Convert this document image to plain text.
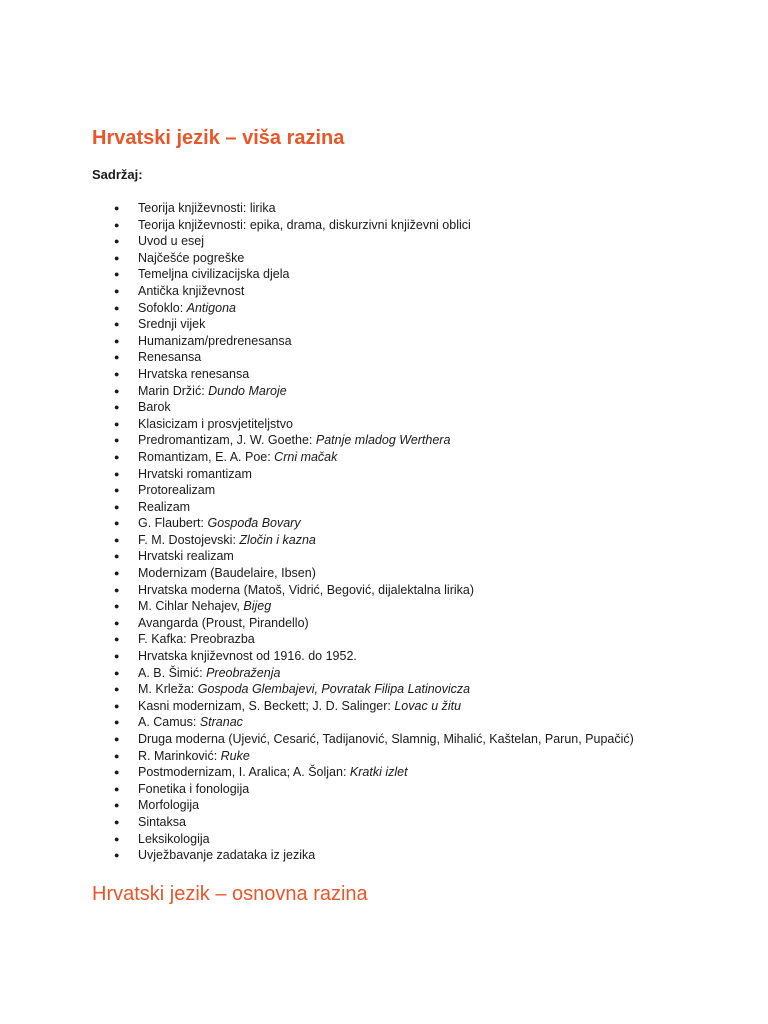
Hrvatski jezik – viša razina

Sadržaj:

●	Teorija književnosti: lirika
●	Teorija književnosti: epika, drama, diskurzivni književni oblici
●	Uvod u esej
●	Najčešće pogreške
●	Temeljna civilizacijska djela
●	Antička književnost
●	Sofoklo: Antigona
●	Srednji vijek
●	Humanizam/predrenesansa
●	Renesansa
●	Hrvatska renesansa
●	Marin Držić: Dundo Maroje
●	Barok
●	Klasicizam i prosvjetiteljstvo
●	Predromantizam, J. W. Goethe: Patnje mladog Werthera
●	Romantizam, E. A. Poe: Crni mačak
●	Hrvatski romantizam
●	Protorealizam
●	Realizam
●	G. Flaubert: Gospođa Bovary
●	F. M. Dostojevski: Zločin i kazna
●	Hrvatski realizam
●	Modernizam (Baudelaire, Ibsen)
●	Hrvatska moderna (Matoš, Vidrić, Begović, dijalektalna lirika)
●	M. Cihlar Nehajev, Bijeg
●	Avangarda (Proust, Pirandello)
●	F. Kafka: Preobrazba
●	Hrvatska književnost od 1916. do 1952.
●	A. B. Šimić: Preobraženja
●	M. Krleža: Gospoda Glembajevi, Povratak Filipa Latinovicza
●	Kasni modernizam, S. Beckett; J. D. Salinger: Lovac u žitu
●	A. Camus: Stranac
●	Druga moderna (Ujević, Cesarić, Tadijanović, Slamnig, Mihalić, Kaštelan, Parun, Pupačić)
●	R. Marinković: Ruke
●	Postmodernizam, I. Aralica; A. Šoljan: Kratki izlet
●	Fonetika i fonologija
●	Morfologija
●	Sintaksa
●	Leksikologija
●	Uvježbavanje zadataka iz jezika
Hrvatski jezik – osnovna razina
